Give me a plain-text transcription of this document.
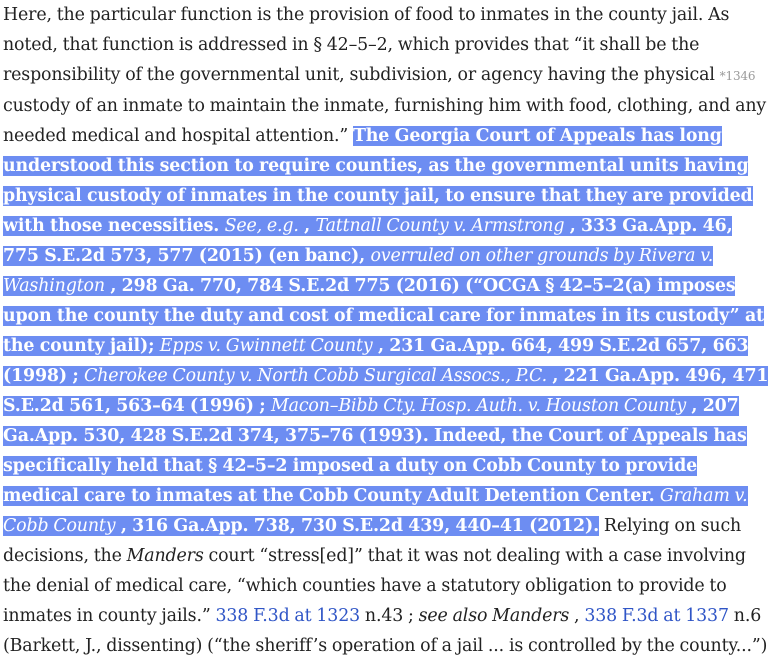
Here, the particular function is the provision of food to inmates in the county jail. As noted, that function is addressed in § 42–5–2, which provides that “it shall be the responsibility of the governmental unit, subdivision, or agency having the physical *1346 custody of an inmate to maintain the inmate, furnishing him with food, clothing, and any needed medical and hospital attention.” The Georgia Court of Appeals has long understood this section to require counties, as the governmental units having physical custody of inmates in the county jail, to ensure that they are provided with those necessities. See, e.g. , Tattnall County v. Armstrong , 333 Ga.App. 46, 775 S.E.2d 573, 577 (2015) (en banc), overruled on other grounds by Rivera v. Washington , 298 Ga. 770, 784 S.E.2d 775 (2016) (“OCGA § 42–5–2(a) imposes upon the county the duty and cost of medical care for inmates in its custody” at the county jail); Epps v. Gwinnett County , 231 Ga.App. 664, 499 S.E.2d 657, 663 (1998) ; Cherokee County v. North Cobb Surgical Assocs., P.C. , 221 Ga.App. 496, 471 S.E.2d 561, 563–64 (1996) ; Macon–Bibb Cty. Hosp. Auth. v. Houston County , 207 Ga.App. 530, 428 S.E.2d 374, 375–76 (1993). Indeed, the Court of Appeals has specifically held that § 42–5–2 imposed a duty on Cobb County to provide medical care to inmates at the Cobb County Adult Detention Center. Graham v. Cobb County , 316 Ga.App. 738, 730 S.E.2d 439, 440–41 (2012). Relying on such decisions, the Manders court “stress[ed]” that it was not dealing with a case involving the denial of medical care, “which counties have a statutory obligation to provide to inmates in county jails.” 338 F.3d at 1323 n.43 ; see also Manders , 338 F.3d at 1337 n.6 (Barkett, J., dissenting) (“the sheriff’s operation of a jail ... is controlled by the county...”)
